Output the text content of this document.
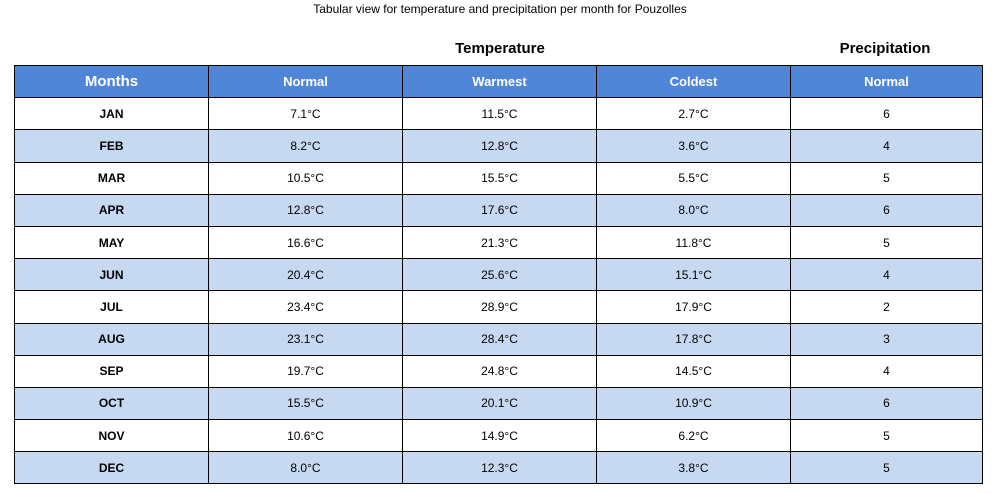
Tabular view for temperature and precipitation per month for Pouzolles
Temperature	Precipitation
Months	Normal	Warmest	Coldest	Normal
JAN	7.1°C	11.5°C	2.7°C	6
FEB	8.2°C	12.8°C	3.6°C	4
MAR	10.5°C	15.5°C	5.5°C	5
APR	12.8°C	17.6°C	8.0°C	6
MAY	16.6°C	21.3°C	11.8°C	5
JUN	20.4°C	25.6°C	15.1°C	4
JUL	23.4°C	28.9°C	17.9°C	2
AUG	23.1°C	28.4°C	17.8°C	3
SEP	19.7°C	24.8°C	14.5°C	4
OCT	15.5°C	20.1°C	10.9°C	6
NOV	10.6°C	14.9°C	6.2°C	5
DEC	8.0°C	12.3°C	3.8°C	5
